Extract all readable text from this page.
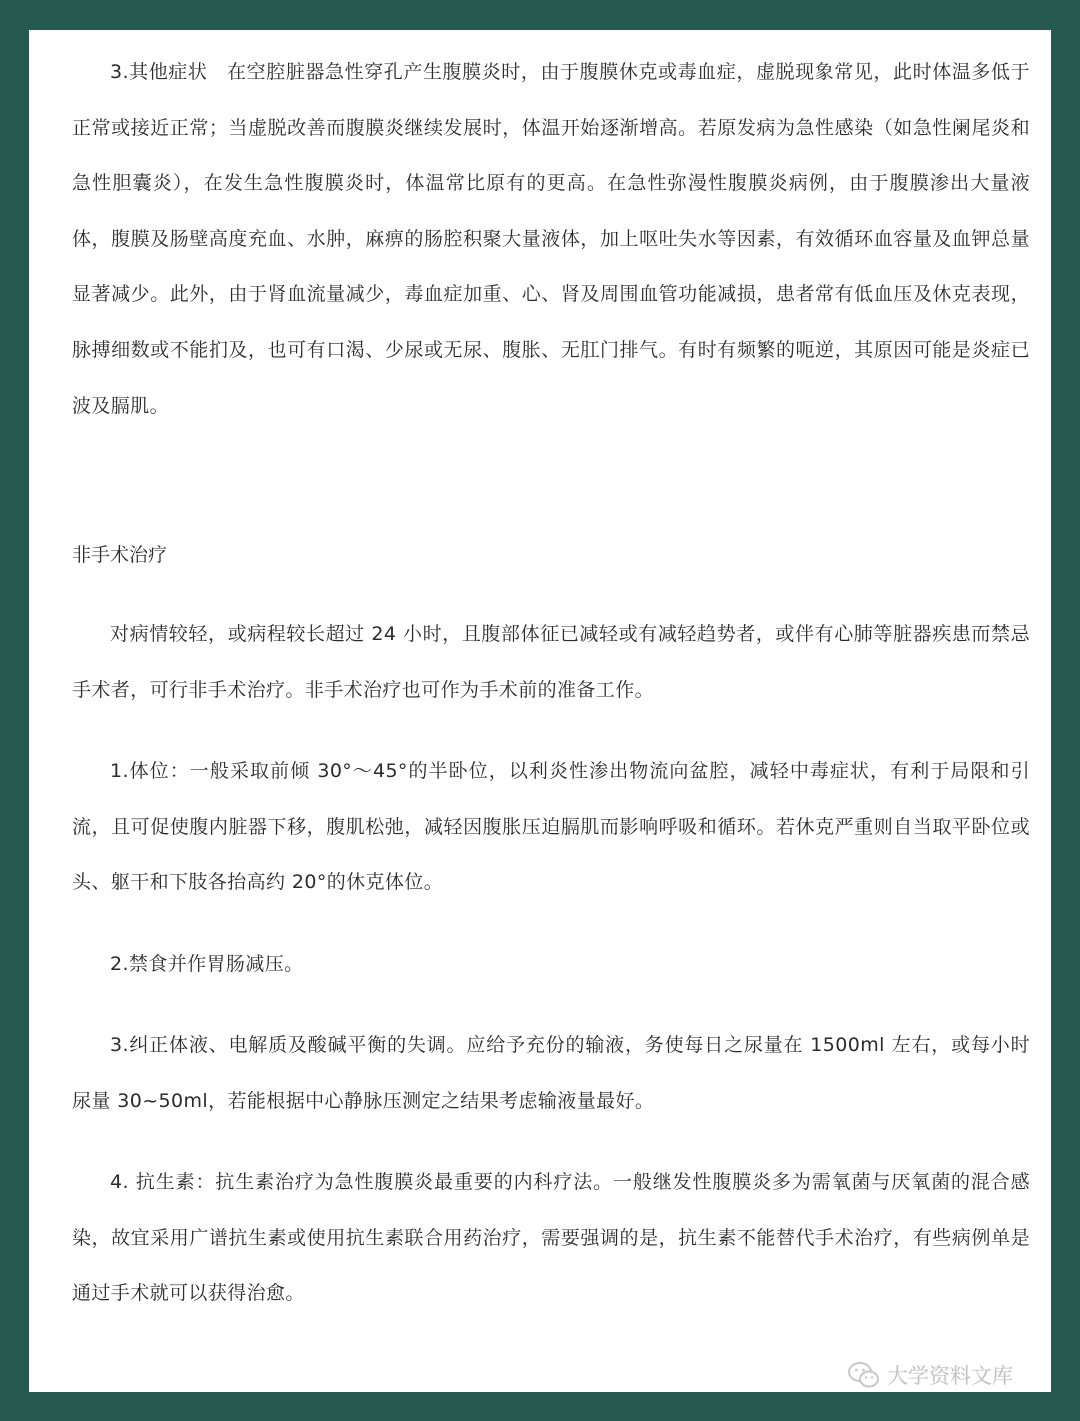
3.其他症状　在空腔脏器急性穿孔产生腹膜炎时，由于腹膜休克或毒血症，虚脱现象常见，此时体温多低于正常或接近正常；当虚脱改善而腹膜炎继续发展时，体温开始逐渐增高。若原发病为急性感染（如急性阑尾炎和急性胆囊炎），在发生急性腹膜炎时，体温常比原有的更高。在急性弥漫性腹膜炎病例，由于腹膜渗出大量液体，腹膜及肠壁高度充血、水肿，麻痹的肠腔积聚大量液体，加上呕吐失水等因素，有效循环血容量及血钾总量显著减少。此外，由于肾血流量减少，毒血症加重、心、肾及周围血管功能减损，患者常有低血压及休克表现，脉搏细数或不能扪及，也可有口渴、少尿或无尿、腹胀、无肛门排气。有时有频繁的呃逆，其原因可能是炎症已波及膈肌。

非手术治疗

对病情较轻，或病程较长超过 24 小时，且腹部体征已减轻或有减轻趋势者，或伴有心肺等脏器疾患而禁忌手术者，可行非手术治疗。非手术治疗也可作为手术前的准备工作。

1.体位：一般采取前倾 30°～45°的半卧位，以利炎性渗出物流向盆腔，减轻中毒症状，有利于局限和引流，且可促使腹内脏器下移，腹肌松弛，减轻因腹胀压迫膈肌而影响呼吸和循环。若休克严重则自当取平卧位或头、躯干和下肢各抬高约 20°的休克体位。

2.禁食并作胃肠减压。

3.纠正体液、电解质及酸碱平衡的失调。应给予充份的输液，务使每日之尿量在 1500ml 左右，或每小时尿量 30~50ml，若能根据中心静脉压测定之结果考虑输液量最好。

4. 抗生素：抗生素治疗为急性腹膜炎最重要的内科疗法。一般继发性腹膜炎多为需氧菌与厌氧菌的混合感染，故宜采用广谱抗生素或使用抗生素联合用药治疗，需要强调的是，抗生素不能替代手术治疗，有些病例单是通过手术就可以获得治愈。

大学资料文库
